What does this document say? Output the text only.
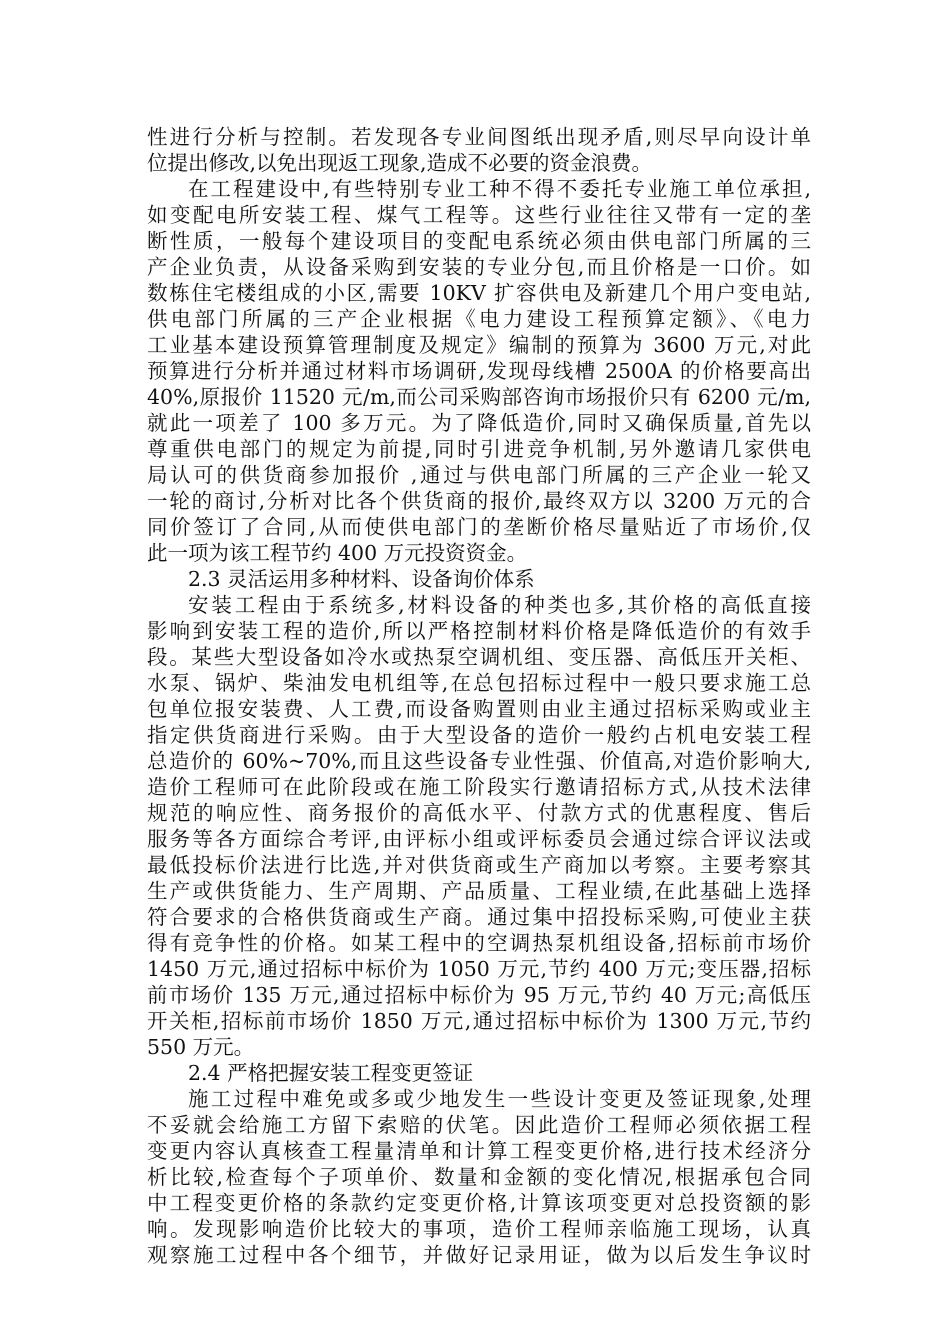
性进行分析与控制。若发现各专业间图纸出现矛盾,则尽早向设计单
位提出修改,以免出现返工现象,造成不必要的资金浪费。
在工程建设中,有些特别专业工种不得不委托专业施工单位承担,
如变配电所安装工程、煤气工程等。这些行业往往又带有一定的垄
断性质，一般每个建设项目的变配电系统必须由供电部门所属的三
产企业负责，从设备采购到安装的专业分包,而且价格是一口价。如
数栋住宅楼组成的小区,需要 10KV 扩容供电及新建几个用户变电站,
供电部门所属的三产企业根据《电力建设工程预算定额》、《电力
工业基本建设预算管理制度及规定》编制的预算为 3600 万元,对此
预算进行分析并通过材料市场调研,发现母线槽 2500A 的价格要高出
40%,原报价 11520 元/m,而公司采购部咨询市场报价只有 6200 元/m,
就此一项差了 100 多万元。为了降低造价,同时又确保质量,首先以
尊重供电部门的规定为前提,同时引进竞争机制,另外邀请几家供电
局认可的供货商参加报价 ,通过与供电部门所属的三产企业一轮又
一轮的商讨,分析对比各个供货商的报价,最终双方以 3200 万元的合
同价签订了合同,从而使供电部门的垄断价格尽量贴近了市场价,仅
此一项为该工程节约 400 万元投资资金。
2.3 灵活运用多种材料、设备询价体系
安装工程由于系统多,材料设备的种类也多,其价格的高低直接
影响到安装工程的造价,所以严格控制材料价格是降低造价的有效手
段。某些大型设备如冷水或热泵空调机组、变压器、高低压开关柜、
水泵、锅炉、柴油发电机组等,在总包招标过程中一般只要求施工总
包单位报安装费、人工费,而设备购置则由业主通过招标采购或业主
指定供货商进行采购。由于大型设备的造价一般约占机电安装工程
总造价的 60%~70%,而且这些设备专业性强、价值高,对造价影响大,
造价工程师可在此阶段或在施工阶段实行邀请招标方式,从技术法律
规范的响应性、商务报价的高低水平、付款方式的优惠程度、售后
服务等各方面综合考评,由评标小组或评标委员会通过综合评议法或
最低投标价法进行比选,并对供货商或生产商加以考察。主要考察其
生产或供货能力、生产周期、产品质量、工程业绩,在此基础上选择
符合要求的合格供货商或生产商。通过集中招投标采购,可使业主获
得有竞争性的价格。如某工程中的空调热泵机组设备,招标前市场价
1450 万元,通过招标中标价为 1050 万元,节约 400 万元;变压器,招标
前市场价 135 万元,通过招标中标价为 95 万元,节约 40 万元;高低压
开关柜,招标前市场价 1850 万元,通过招标中标价为 1300 万元,节约
550 万元。
2.4 严格把握安装工程变更签证
施工过程中难免或多或少地发生一些设计变更及签证现象,处理
不妥就会给施工方留下索赔的伏笔。因此造价工程师必须依据工程
变更内容认真核查工程量清单和计算工程变更价格,进行技术经济分
析比较,检查每个子项单价、数量和金额的变化情况,根据承包合同
中工程变更价格的条款约定变更价格,计算该项变更对总投资额的影
响。发现影响造价比较大的事项，造价工程师亲临施工现场，认真
观察施工过程中各个细节，并做好记录用证，做为以后发生争议时
